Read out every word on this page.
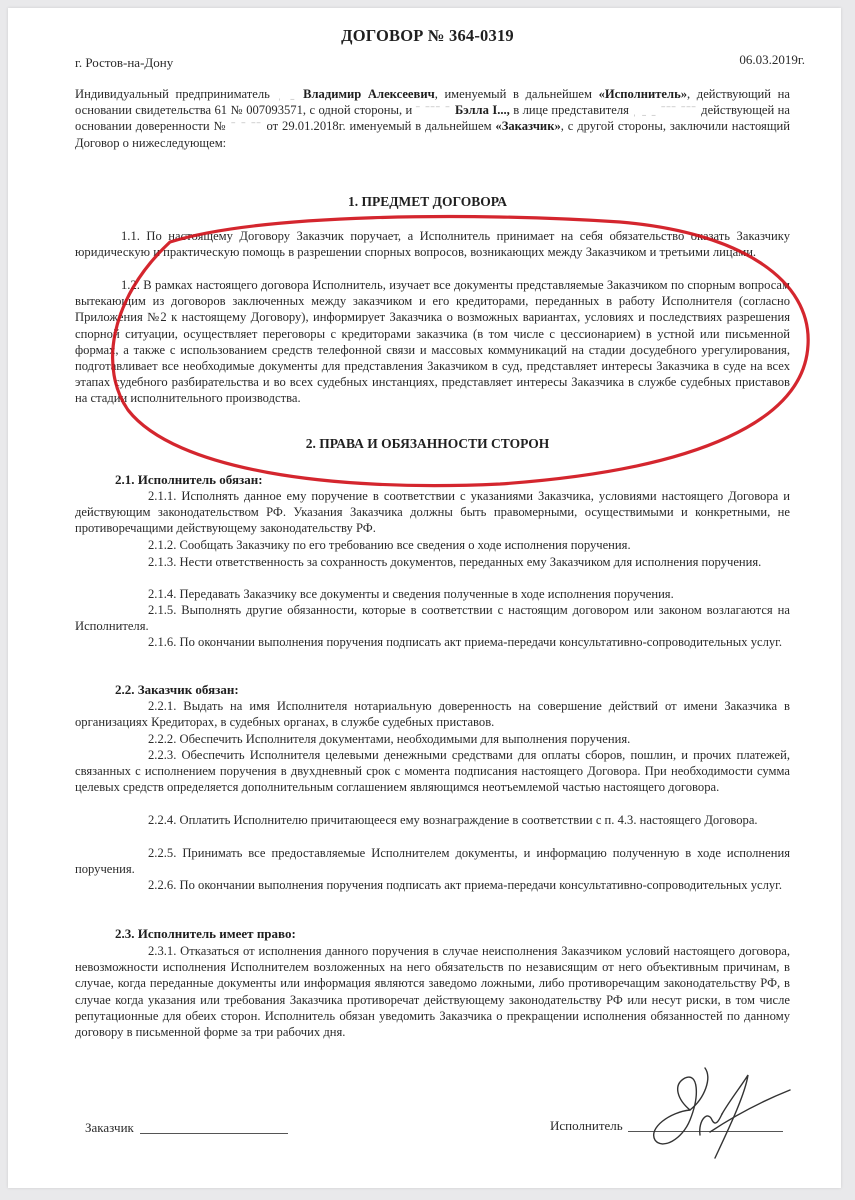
ДОГОВОР № 364-0319
г. Ростов-на-Дону	06.03.2019г.
Индивидуальный предприниматель ˌ ˍ Владимир Алексеевич, именуемый в дальнейшем «Исполнитель», действующий на основании свидетельства 61 № 007093571, с одной стороны, и ˉ ˉˉˉ ˉ Бэлла I..., в лице представителя ˌ ˍ ˍ ˉˉˉ ˉˉˉ действующей на основании доверенности № ˉ ˉ ˉˉ от 29.01.2018г. именуемый в дальнейшем «Заказчик», с другой стороны, заключили настоящий Договор о нижеследующем:
1. ПРЕДМЕТ ДОГОВОРА
1.1. По настоящему Договору Заказчик поручает, а Исполнитель принимает на себя обязательство оказать Заказчику юридическую и практическую помощь в разрешении спорных вопросов, возникающих между Заказчиком и третьими лицами.
1.2. В рамках настоящего договора Исполнитель, изучает все документы представляемые Заказчиком по спорным вопросам вытекающим из договоров заключенных между заказчиком и его кредиторами, переданных в работу Исполнителя (согласно Приложения №2 к настоящему Договору), информирует Заказчика о возможных вариантах, условиях и последствиях разрешения спорной ситуации, осуществляет переговоры с кредиторами заказчика (в том числе с цессионарием) в устной или письменной формах, а также с использованием средств телефонной связи и массовых коммуникаций на стадии досудебного урегулирования, подготавливает все необходимые документы для представления Заказчиком в суд, представляет интересы Заказчика в суде на всех этапах судебного разбирательства и во всех судебных инстанциях, представляет интересы Заказчика в службе судебных приставов на стадии исполнительного производства.
2. ПРАВА И ОБЯЗАННОСТИ СТОРОН
2.1. Исполнитель обязан:
2.1.1. Исполнять данное ему поручение в соответствии с указаниями Заказчика, условиями настоящего Договора и действующим законодательством РФ. Указания Заказчика должны быть правомерными, осуществимыми и конкретными, не противоречащими действующему законодательству РФ.
2.1.2. Сообщать Заказчику по его требованию все сведения о ходе исполнения поручения.
2.1.3. Нести ответственность за сохранность документов, переданных ему Заказчиком для исполнения поручения.
2.1.4. Передавать Заказчику все документы и сведения полученные в ходе исполнения поручения.
2.1.5. Выполнять другие обязанности, которые в соответствии с настоящим договором или законом возлагаются на Исполнителя.
2.1.6. По окончании выполнения поручения подписать акт приема-передачи консультативно-сопроводительных услуг.
2.2. Заказчик обязан:
2.2.1. Выдать на имя Исполнителя нотариальную доверенность на совершение действий от имени Заказчика в организациях Кредиторах, в судебных органах, в службе судебных приставов.
2.2.2. Обеспечить Исполнителя документами, необходимыми для выполнения поручения.
2.2.3. Обеспечить Исполнителя целевыми денежными средствами для оплаты сборов, пошлин, и прочих платежей, связанных с исполнением поручения в двухдневный срок с момента подписания настоящего Договора. При необходимости сумма целевых средств определяется дополнительным соглашением являющимся неотъемлемой частью настоящего договора.
2.2.4. Оплатить Исполнителю причитающееся ему вознаграждение в соответствии с п. 4.3. настоящего Договора.
2.2.5. Принимать все предоставляемые Исполнителем документы, и информацию полученную в ходе исполнения поручения.
2.2.6. По окончании выполнения поручения подписать акт приема-передачи консультативно-сопроводительных услуг.
2.3. Исполнитель имеет право:
2.3.1. Отказаться от исполнения данного поручения в случае неисполнения Заказчиком условий настоящего договора, невозможности исполнения Исполнителем возложенных на него обязательств по независящим от него объективным причинам, в случае, когда переданные документы или информация являются заведомо ложными, либо противоречащим законодательству РФ, в случае когда указания или требования Заказчика противоречат действующему законодательству РФ или несут риски, в том числе репутационные для обеих сторон. Исполнитель обязан уведомить Заказчика о прекращении исполнения обязанностей по данному договору в письменной форме за три рабочих дня.
Заказчик	Исполнитель
